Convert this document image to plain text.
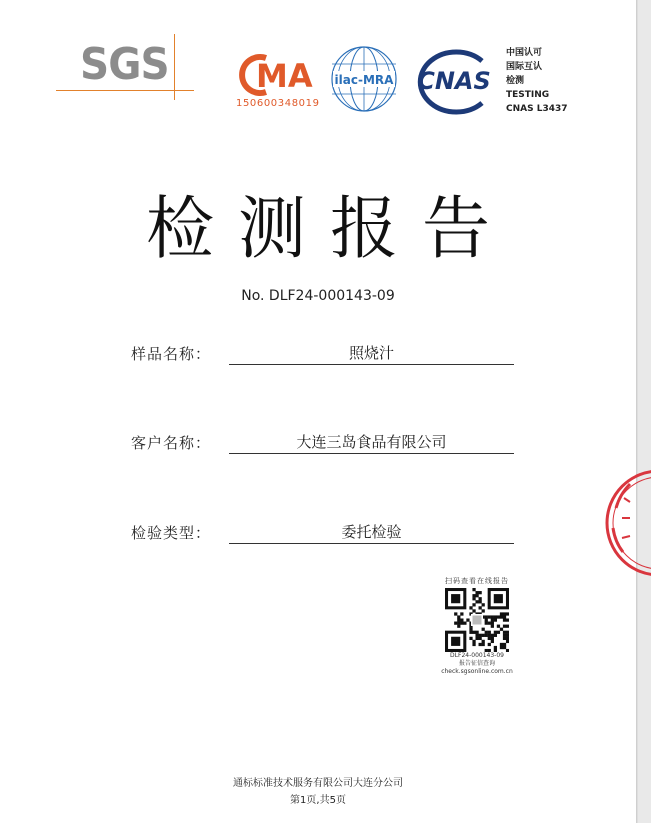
SGS	MA
150600348019
ilac-MRA CNAS
中国认可
国际互认
检测
TESTING
CNAS L3437
检测报告
No. DLF24-000143-09
样品名称：	照烧汁
客户名称：	大连三岛食品有限公司
检验类型：	委托检验
扫码查看在线报告
DLF24-000143-09
报告征信查询
check.sgsonline.com.cn
通标标准技术服务有限公司大连分公司
第1页,共5页
